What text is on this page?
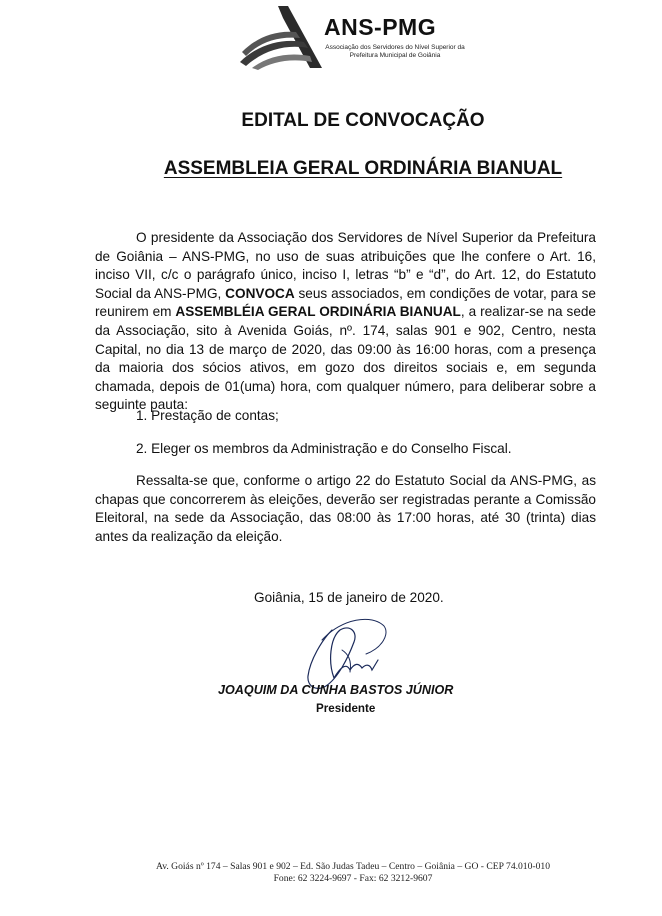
ANS-PMG
Associação dos Servidores do Nível Superior da Prefeitura Municipal de Goiânia
EDITAL DE CONVOCAÇÃO
ASSEMBLEIA GERAL ORDINÁRIA BIANUAL
O presidente da Associação dos Servidores de Nível Superior da Prefeitura de Goiânia – ANS-PMG, no uso de suas atribuições que lhe confere o Art. 16, inciso VII, c/c o parágrafo único, inciso I, letras “b” e “d”, do Art. 12, do Estatuto Social da ANS-PMG, CONVOCA seus associados, em condições de votar, para se reunirem em ASSEMBLÉIA GERAL ORDINÁRIA BIANUAL, a realizar-se na sede da Associação, sito à Avenida Goiás, nº. 174, salas 901 e 902, Centro, nesta Capital, no dia 13 de março de 2020, das 09:00 às 16:00 horas, com a presença da maioria dos sócios ativos, em gozo dos direitos sociais e, em segunda chamada, depois de 01(uma) hora, com qualquer número, para deliberar sobre a seguinte pauta:
1. Prestação de contas;
2. Eleger os membros da Administração e do Conselho Fiscal.
Ressalta-se que, conforme o artigo 22 do Estatuto Social da ANS-PMG, as chapas que concorrerem às eleições, deverão ser registradas perante a Comissão Eleitoral, na sede da Associação, das 08:00 às 17:00 horas, até 30 (trinta) dias antes da realização da eleição.
Goiânia, 15 de janeiro de 2020.
JOAQUIM DA CUNHA BASTOS JÚNIOR
Presidente
Av. Goiás nº 174 – Salas 901 e 902 – Ed. São Judas Tadeu – Centro – Goiânia – GO - CEP 74.010-010
Fone: 62 3224-9697 - Fax: 62 3212-9607
